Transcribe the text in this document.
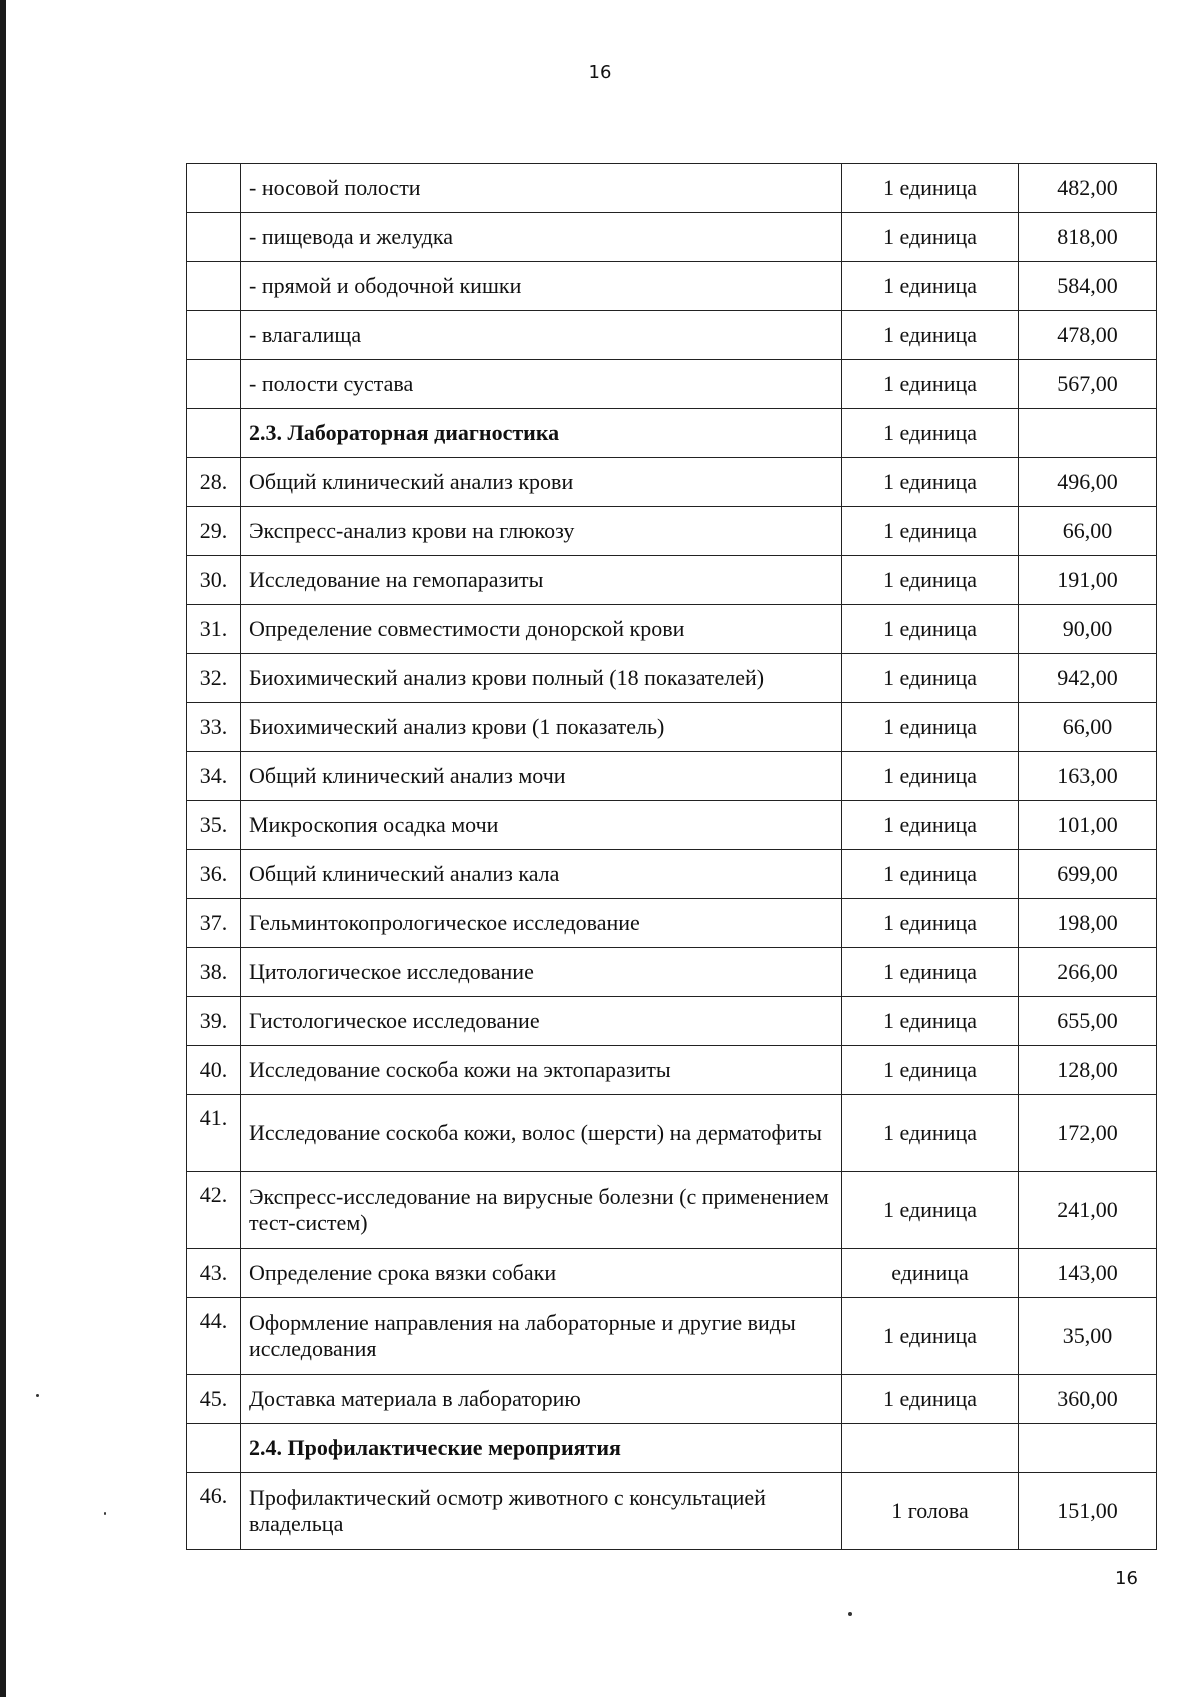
16
	- носовой полости	1 единица	482,00
	- пищевода и желудка	1 единица	818,00
	- прямой и ободочной кишки	1 единица	584,00
	- влагалища	1 единица	478,00
	- полости сустава	1 единица	567,00
	2.3. Лабораторная диагностика	1 единица	
28.	Общий клинический анализ крови	1 единица	496,00
29.	Экспресс-анализ крови на глюкозу	1 единица	66,00
30.	Исследование на гемопаразиты	1 единица	191,00
31.	Определение совместимости донорской крови	1 единица	90,00
32.	Биохимический анализ крови полный (18 показателей)	1 единица	942,00
33.	Биохимический анализ крови (1 показатель)	1 единица	66,00
34.	Общий клинический анализ мочи	1 единица	163,00
35.	Микроскопия осадка мочи	1 единица	101,00
36.	Общий клинический анализ кала	1 единица	699,00
37.	Гельминтокопрологическое исследование	1 единица	198,00
38.	Цитологическое исследование	1 единица	266,00
39.	Гистологическое исследование	1 единица	655,00
40.	Исследование соскоба кожи на эктопаразиты	1 единица	128,00
41.	Исследование соскоба кожи, волос (шерсти) на дерматофиты	1 единица	172,00
42.	Экспресс-исследование на вирусные болезни (с применением тест-систем)	1 единица	241,00
43.	Определение срока вязки собаки	единица	143,00
44.	Оформление направления на лабораторные и другие виды исследования	1 единица	35,00
45.	Доставка материала в лабораторию	1 единица	360,00
	2.4. Профилактические мероприятия		
46.	Профилактический осмотр животного с консультацией владельца	1 голова	151,00
16
